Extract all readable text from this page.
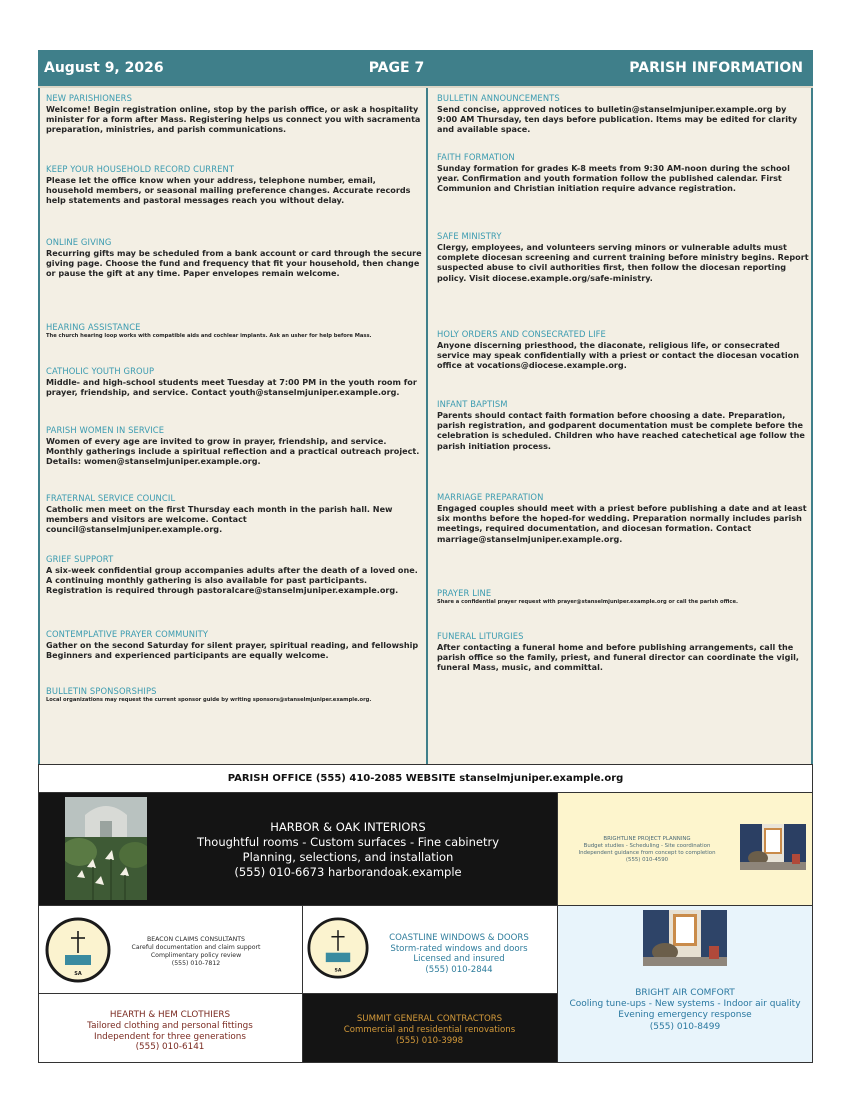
August 9, 2026	PAGE 7	PARISH INFORMATION
NEW PARISHIONERS

Welcome! Begin registration online, stop by the parish office, or ask a hospitality minister for a form after Mass. Registering helps us connect you with sacramenta preparation, ministries, and parish communications.

KEEP YOUR HOUSEHOLD RECORD CURRENT

Please let the office know when your address, telephone number, email, household members, or seasonal mailing preference changes. Accurate records help statements and pastoral messages reach you without delay.

ONLINE GIVING

Recurring gifts may be scheduled from a bank account or card through the secure giving page. Choose the fund and frequency that fit your household, then change or pause the gift at any time. Paper envelopes remain welcome.

HEARING ASSISTANCE

The church hearing loop works with compatible aids and cochlear implants. Ask an usher for help before Mass.

CATHOLIC YOUTH GROUP

Middle- and high-school students meet Tuesday at 7:00 PM in the youth room for prayer, friendship, and service. Contact youth@stanselmjuniper.example.org.

PARISH WOMEN IN SERVICE

Women of every age are invited to grow in prayer, friendship, and service. Monthly gatherings include a spiritual reflection and a practical outreach project. Details: women@stanselmjuniper.example.org.

FRATERNAL SERVICE COUNCIL

Catholic men meet on the first Thursday each month in the parish hall. New members and visitors are welcome. Contact council@stanselmjuniper.example.org.

GRIEF SUPPORT

A six-week confidential group accompanies adults after the death of a loved one. A continuing monthly gathering is also available for past participants. Registration is required through pastoralcare@stanselmjuniper.example.org.

CONTEMPLATIVE PRAYER COMMUNITY

Gather on the second Saturday for silent prayer, spiritual reading, and fellowship Beginners and experienced participants are equally welcome.

BULLETIN SPONSORSHIPS

Local organizations may request the current sponsor guide by writing sponsors@stanselmjuniper.example.org.

BULLETIN ANNOUNCEMENTS

Send concise, approved notices to bulletin@stanselmjuniper.example.org by 9:00 AM Thursday, ten days before publication. Items may be edited for clarity and available space.

FAITH FORMATION

Sunday formation for grades K-8 meets from 9:30 AM-noon during the school year. Confirmation and youth formation follow the published calendar. First Communion and Christian initiation require advance registration.

SAFE MINISTRY

Clergy, employees, and volunteers serving minors or vulnerable adults must complete diocesan screening and current training before ministry begins. Report suspected abuse to civil authorities first, then follow the diocesan reporting policy. Visit diocese.example.org/safe-ministry.

HOLY ORDERS AND CONSECRATED LIFE

Anyone discerning priesthood, the diaconate, religious life, or consecrated service may speak confidentially with a priest or contact the diocesan vocation office at vocations@diocese.example.org.

INFANT BAPTISM

Parents should contact faith formation before choosing a date. Preparation, parish registration, and godparent documentation must be complete before the celebration is scheduled. Children who have reached catechetical age follow the parish initiation process.

MARRIAGE PREPARATION

Engaged couples should meet with a priest before publishing a date and at least six months before the hoped-for wedding. Preparation normally includes parish meetings, required documentation, and diocesan formation. Contact marriage@stanselmjuniper.example.org.

PRAYER LINE

Share a confidential prayer request with prayer@stanselmjuniper.example.org or call the parish office.

FUNERAL LITURGIES

After contacting a funeral home and before publishing arrangements, call the parish office so the family, priest, and funeral director can coordinate the vigil, funeral Mass, music, and committal.

PARISH OFFICE (555) 410-2085 WEBSITE stanselmjuniper.example.org
HARBOR & OAK INTERIORS
Thoughtful rooms - Custom surfaces - Fine cabinetry
Planning, selections, and installation
(555) 010-6673 harborandoak.example
BRIGHTLINE PROJECT PLANNING
Budget studies - Scheduling - Site coordination
Independent guidance from concept to completion
(555) 010-4590
SA
BEACON CLAIMS CONSULTANTS
Careful documentation and claim support
Complimentary policy review
(555) 010-7812
SA
COASTLINE WINDOWS & DOORS
Storm-rated windows and doors
Licensed and insured
(555) 010-2844
BRIGHT AIR COMFORT
Cooling tune-ups - New systems - Indoor air quality
Evening emergency response
(555) 010-8499
HEARTH & HEM CLOTHIERS
Tailored clothing and personal fittings
Independent for three generations
(555) 010-6141
SUMMIT GENERAL CONTRACTORS
Commercial and residential renovations
(555) 010-3998
